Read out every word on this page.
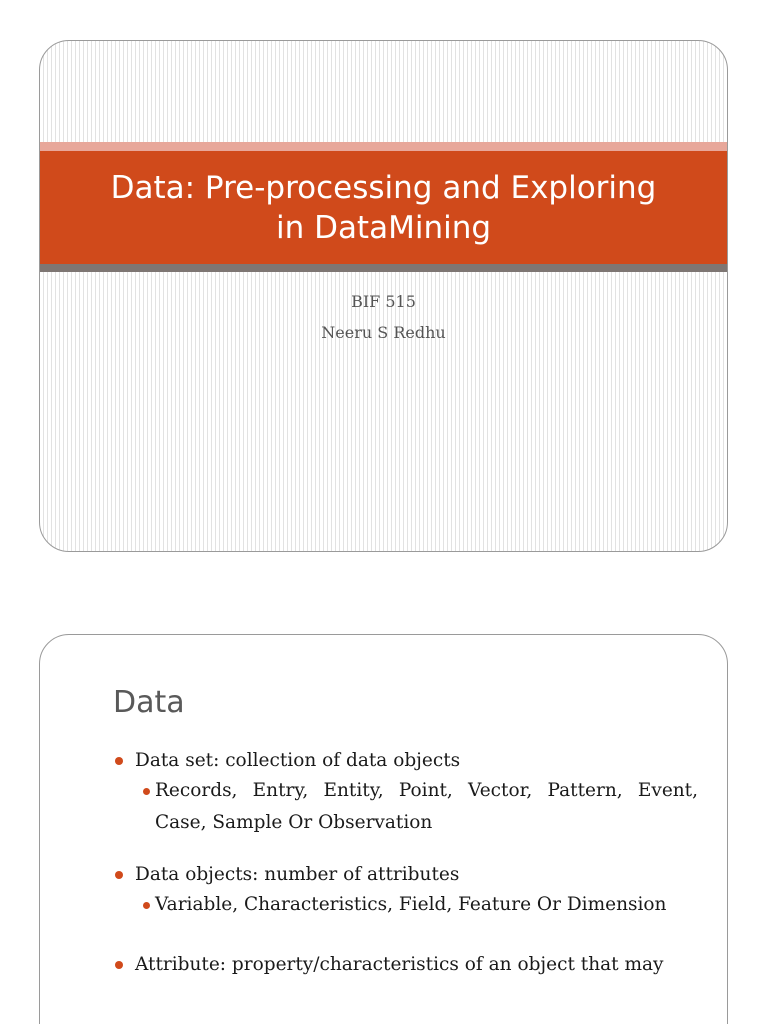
Data: Pre-processing and Exploring
in DataMining
BIF 515
Neeru S Redhu
Data
Data set: collection of data objects
Records, Entry, Entity, Point, Vector, Pattern, Event, Case, Sample Or Observation
Data objects: number of attributes
Variable, Characteristics, Field, Feature Or Dimension
Attribute: property/characteristics of an object that may
